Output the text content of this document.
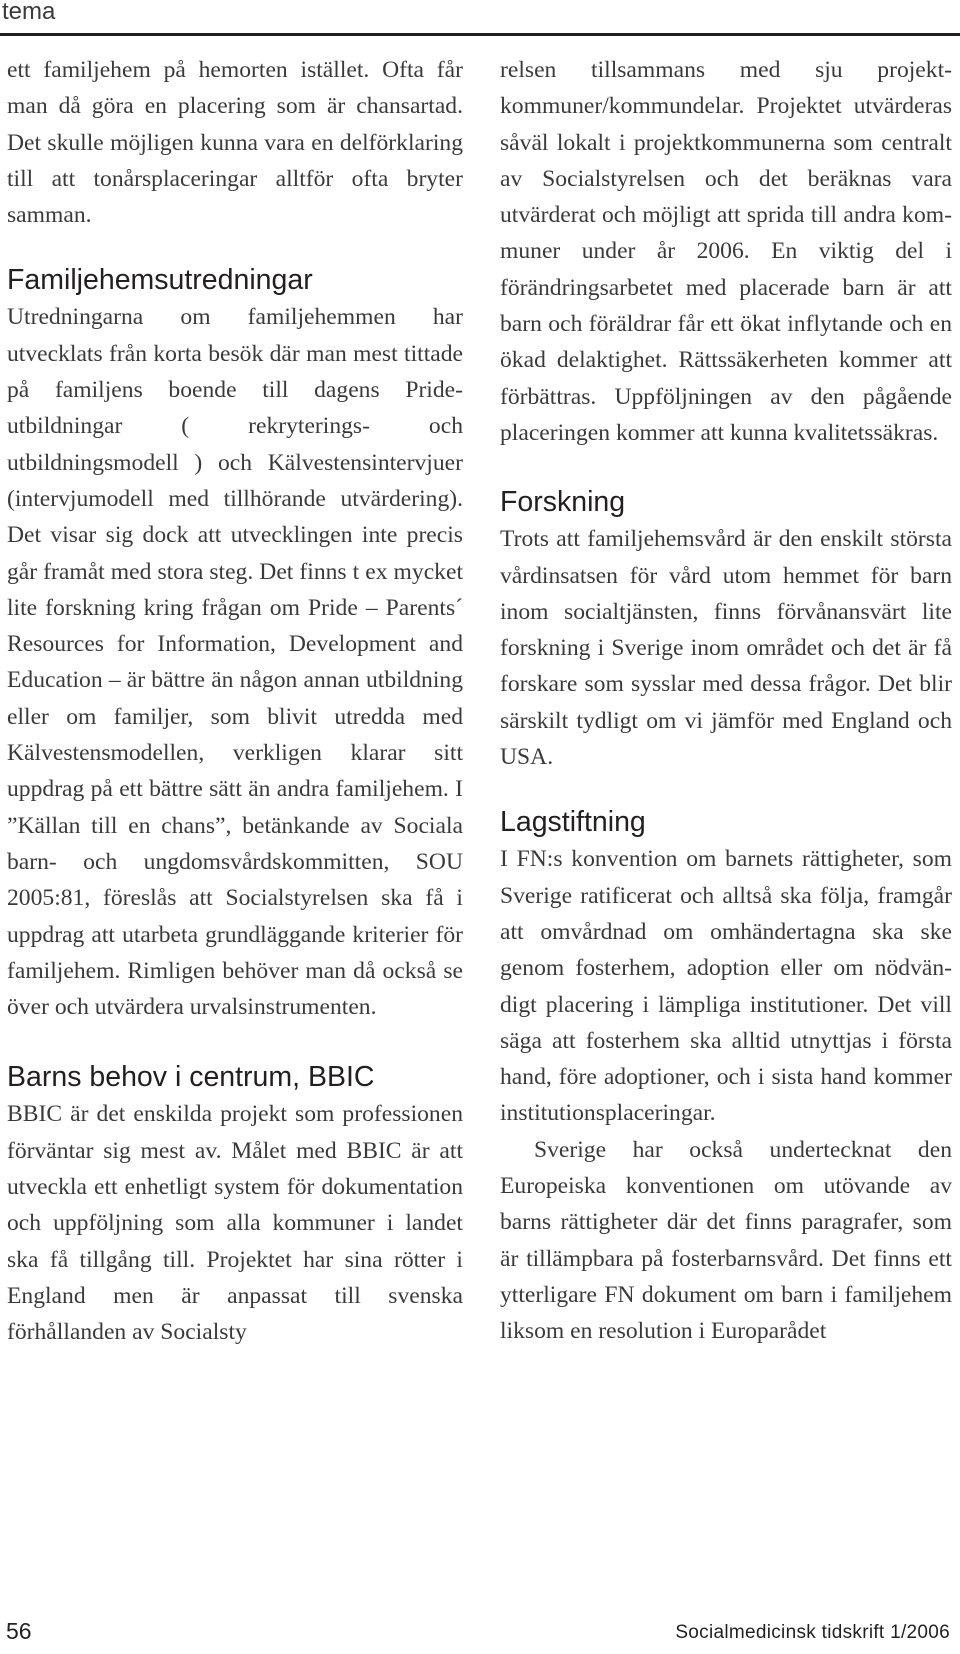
tema

ett familjehem på hemorten istället. Ofta får man då göra en placering som är chansartad. Det skulle möjligen kunna vara en delförklaring till att tonårsplaceringar alltför ofta bryter samman.

Familjehemsutredningar

Utredningarna om familjehemmen har utvecklats från korta besök där man mest tittade på familjens boende till dagens Pride-utbildningar ( rekryterings- och utbildningsmodell ) och Kälvestensintervjuer (intervjumodell med tillhörande utvärdering). Det visar sig dock att utvecklingen inte precis går framåt med stora steg. Det finns t ex mycket lite forskning kring frågan om Pride – Parents´ Resources for Information, Development and Education – är bättre än någon annan utbildning eller om familjer, som blivit utredda med Kälvestensmodellen, verkligen klarar sitt uppdrag på ett bättre sätt än andra familjehem. I ”Källan till en chans”, betänkande av Sociala barn- och ungdomsvårdskommitten, SOU 2005:81, föreslås att Socialstyrelsen ska få i uppdrag att utarbeta grundläggande kriterier för familjehem. Rimligen behöver man då också se över och utvärdera urvalsinstrumenten.

Barns behov i centrum, BBIC

BBIC är det enskilda projekt som professionen förväntar sig mest av. Målet med BBIC är att utveckla ett enhetligt system för dokumentation och uppföljning som alla kommuner i landet ska få tillgång till. Projektet har sina rötter i England men är anpassat till svenska förhållanden av Socialsty

relsen tillsammans med sju projektkommuner/kommundelar. Projektet utvärderas såväl lokalt i projektkommunerna som centralt av Socialstyrelsen och det beräknas vara utvärderat och möjligt att sprida till andra kommuner under år 2006. En viktig del i förändringsarbetet med placerade barn är att barn och föräldrar får ett ökat inflytande och en ökad delaktighet. Rättssäkerheten kommer att förbättras. Uppföljningen av den pågående placeringen kommer att kunna kvalitetssäkras.

Forskning

Trots att familjehemsvård är den enskilt största vårdinsatsen för vård utom hemmet för barn inom socialtjänsten, finns förvånansvärt lite forskning i Sverige inom området och det är få forskare som sysslar med dessa frågor. Det blir särskilt tydligt om vi jämför med England och USA.

Lagstiftning

I FN:s konvention om barnets rättigheter, som Sverige ratificerat och alltså ska följa, framgår att omvårdnad om omhändertagna ska ske genom fosterhem, adoption eller om nödvändigt placering i lämpliga institutioner. Det vill säga att fosterhem ska alltid utnyttjas i första hand, före adoptioner, och i sista hand kommer institutionsplaceringar.

Sverige har också undertecknat den Europeiska konventionen om utövande av barns rättigheter där det finns paragrafer, som är tillämpbara på fosterbarnsvård. Det finns ett ytterligare FN dokument om barn i familjehem liksom en resolution i Europarådet

56	Socialmedicinsk tidskrift 1/2006
